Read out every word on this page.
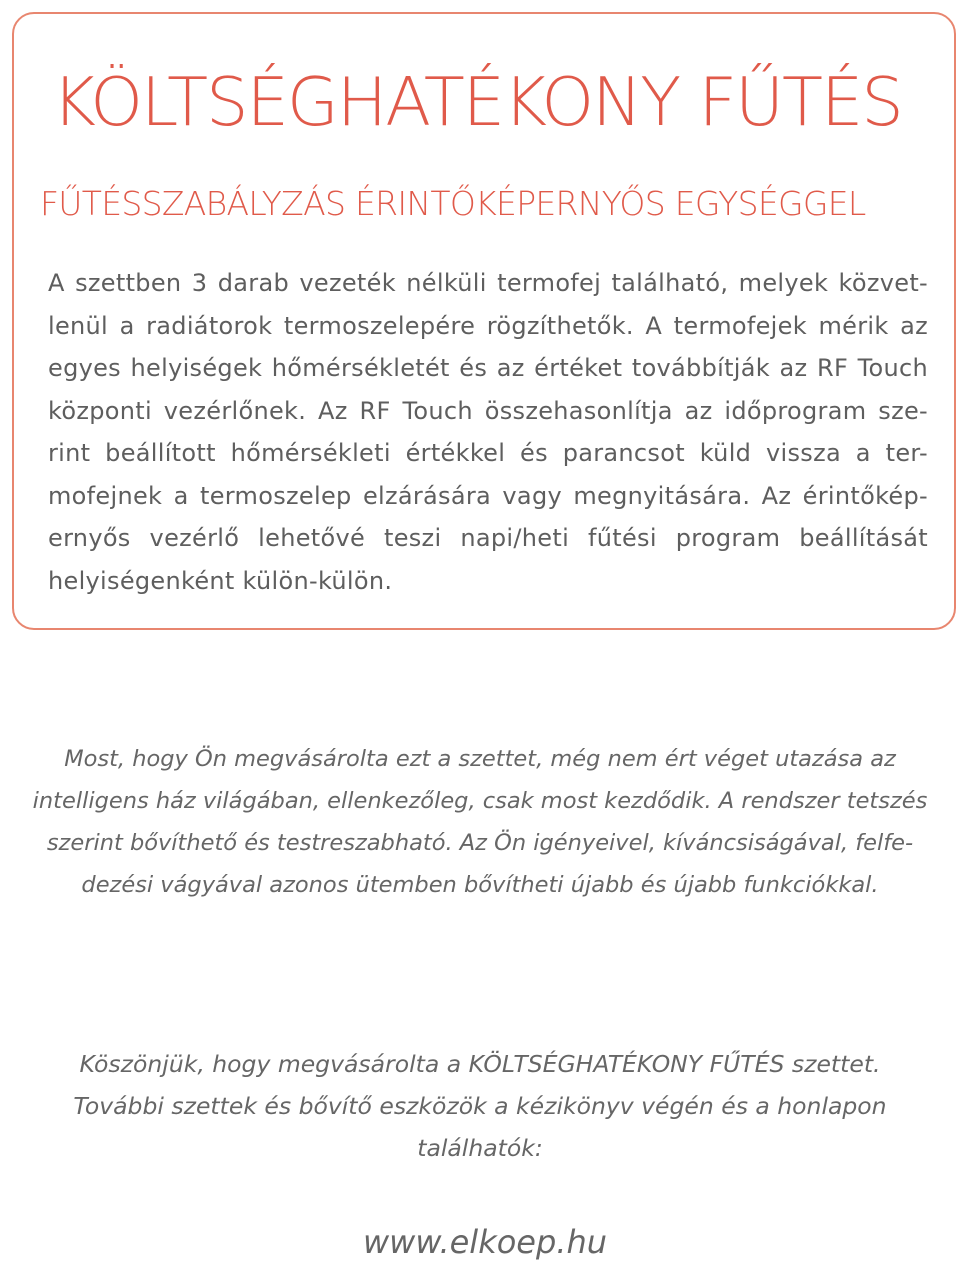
KÖLTSÉGHATÉKONY FŰTÉS
FŰTÉSSZABÁLYZÁS ÉRINTŐKÉPERNYŐS EGYSÉGGEL

A szettben 3 darab vezeték nélküli termofej található, melyek közvet-lenül a radiátorok termoszelepére rögzíthetők. A termofejek mérik az egyes helyiségek hőmérsékletét és az értéket továbbítják az RF Touch központi vezérlőnek. Az RF Touch összehasonlítja az időprogram sze-rint beállított hőmérsékleti értékkel és parancsot küld vissza a ter-mofejnek a termoszelep elzárására vagy megnyitására. Az érintőkép-ernyős vezérlő lehetővé teszi napi/heti fűtési program beállítását helyiségenként külön-külön.

Most, hogy Ön megvásárolta ezt a szettet, még nem ért véget utazása az
intelligens ház világában, ellenkezőleg, csak most kezdődik. A rendszer tetszés
szerint bővíthető és testreszabható. Az Ön igényeivel, kíváncsiságával, felfe-
dezési vágyával azonos ütemben bővítheti újabb és újabb funkciókkal.

Köszönjük, hogy megvásárolta a KÖLTSÉGHATÉKONY FŰTÉS szettet.
További szettek és bővítő eszközök a kézikönyv végén és a honlapon találhatók:

www.elkoep.hu
